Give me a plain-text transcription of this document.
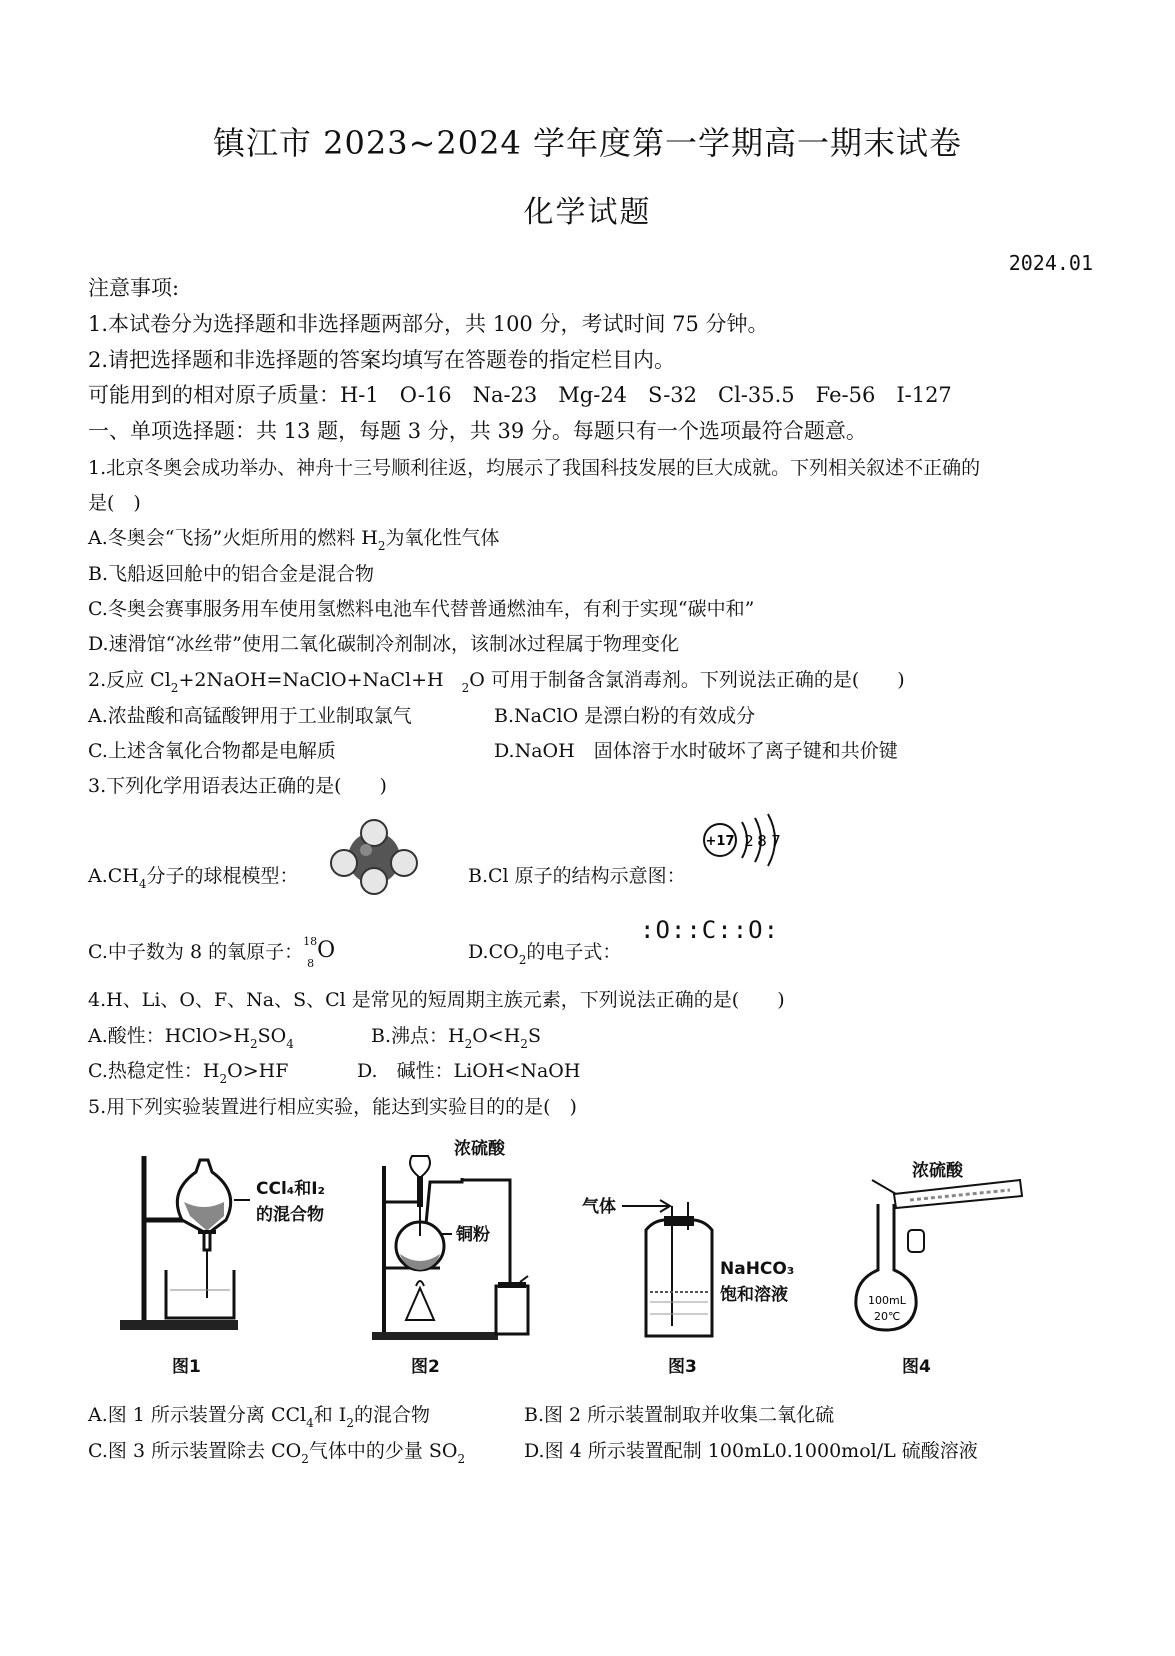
镇江市 2023~2024 学年度第一学期高一期末试卷
化学试题
2024.01
注意事项:
1.本试卷分为选择题和非选择题两部分，共 100 分，考试时间 75 分钟。
2.请把选择题和非选择题的答案均填写在答题卷的指定栏目内。
可能用到的相对原子质量：H-1　O-16　Na-23　Mg-24　S-32　Cl-35.5　Fe-56　I-127
一、单项选择题：共 13 题，每题 3 分，共 39 分。每题只有一个选项最符合题意。
1.北京冬奥会成功举办、神舟十三号顺利往返，均展示了我国科技发展的巨大成就。下列相关叙述不正确的
是(　)
A.冬奥会“飞扬”火炬所用的燃料 $H_2$为氧化性气体
B.飞船返回舱中的铝合金是混合物
C.冬奥会赛事服务用车使用氢燃料电池车代替普通燃油车，有利于实现“碳中和”
D.速滑馆“冰丝带”使用二氧化碳制冷剂制冰，该制冰过程属于物理变化
2.反应 $Cl_2+2NaOH=NaClO+NaCl+H$ $_2$O 可用于制备含氯消毒剂。下列说法正确的是(　　)
A.浓盐酸和高锰酸钾用于工业制取氯气	B.NaClO 是漂白粉的有效成分
C.上述含氧化合物都是电解质	D.NaOH　固体溶于水时破坏了离子键和共价键
3.下列化学用语表达正确的是(　　)
$A.CH_4$分子的球棍模型：	B.Cl 原子的结构示意图：
+17 2 8 7
C.中子数为 8 的氧原子： 18
8
O	$D.CO_2$的电子式：
:O::C::O:
4.H、Li、O、F、Na、S、Cl 是常见的短周期主族元素，下列说法正确的是(　　)
A.酸性：$HClO>H_2SO_4$	B.沸点：$H_2O<H_2S$
C.热稳定性：$H_2O>HF$	D.　碱性：LiOH<NaOH
5.用下列实验装置进行相应实验，能达到实验目的的是(　)
CCl₄和I₂
的混合物
图1
浓硫酸
铜粉
图2
气体
NaHCO₃
饱和溶液
图3
浓硫酸
100mL
20℃
图4
A.图 1 所示装置分离 CCl$_4$和 $I_2$的混合物	B.图 2 所示装置制取并收集二氧化硫
C.图 3 所示装置除去 $CO_2$气体中的少量 $SO_2$	D.图 4 所示装置配制 100mL0.1000mol/L 硫酸溶液
